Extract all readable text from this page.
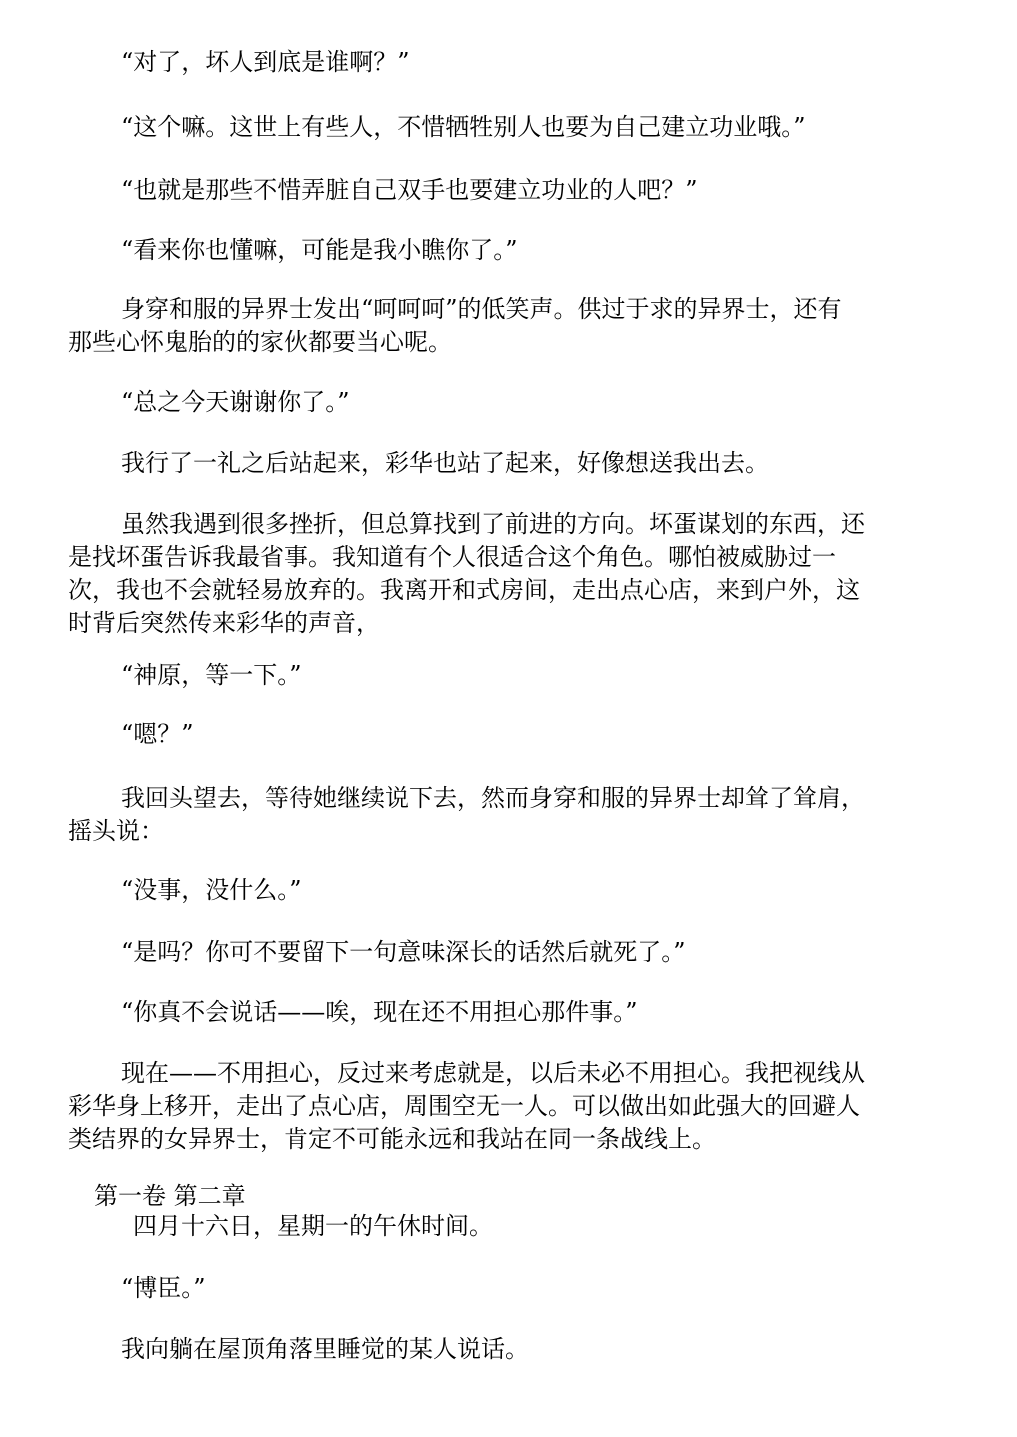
“对了，坏人到底是谁啊？”
“这个嘛。这世上有些人，不惜牺牲别人也要为自己建立功业哦。”
“也就是那些不惜弄脏自己双手也要建立功业的人吧？”
“看来你也懂嘛，可能是我小瞧你了。”
身穿和服的异界士发出“呵呵呵”的低笑声。供过于求的异界士，还有
那些心怀鬼胎的的家伙都要当心呢。
“总之今天谢谢你了。”
我行了一礼之后站起来，彩华也站了起来，好像想送我出去。
虽然我遇到很多挫折，但总算找到了前进的方向。坏蛋谋划的东西，还
是找坏蛋告诉我最省事。我知道有个人很适合这个角色。哪怕被威胁过一
次，我也不会就轻易放弃的。我离开和式房间，走出点心店，来到户外，这
时背后突然传来彩华的声音，
“神原，等一下。”
“嗯？”
我回头望去，等待她继续说下去，然而身穿和服的异界士却耸了耸肩，
摇头说：
“没事，没什么。”
“是吗？你可不要留下一句意味深长的话然后就死了。”
“你真不会说话——唉，现在还不用担心那件事。”
现在——不用担心，反过来考虑就是，以后未必不用担心。我把视线从
彩华身上移开，走出了点心店，周围空无一人。可以做出如此强大的回避人
类结界的女异界士，肯定不可能永远和我站在同一条战线上。
第一卷 第二章
四月十六日，星期一的午休时间。
“博臣。”
我向躺在屋顶角落里睡觉的某人说话。
